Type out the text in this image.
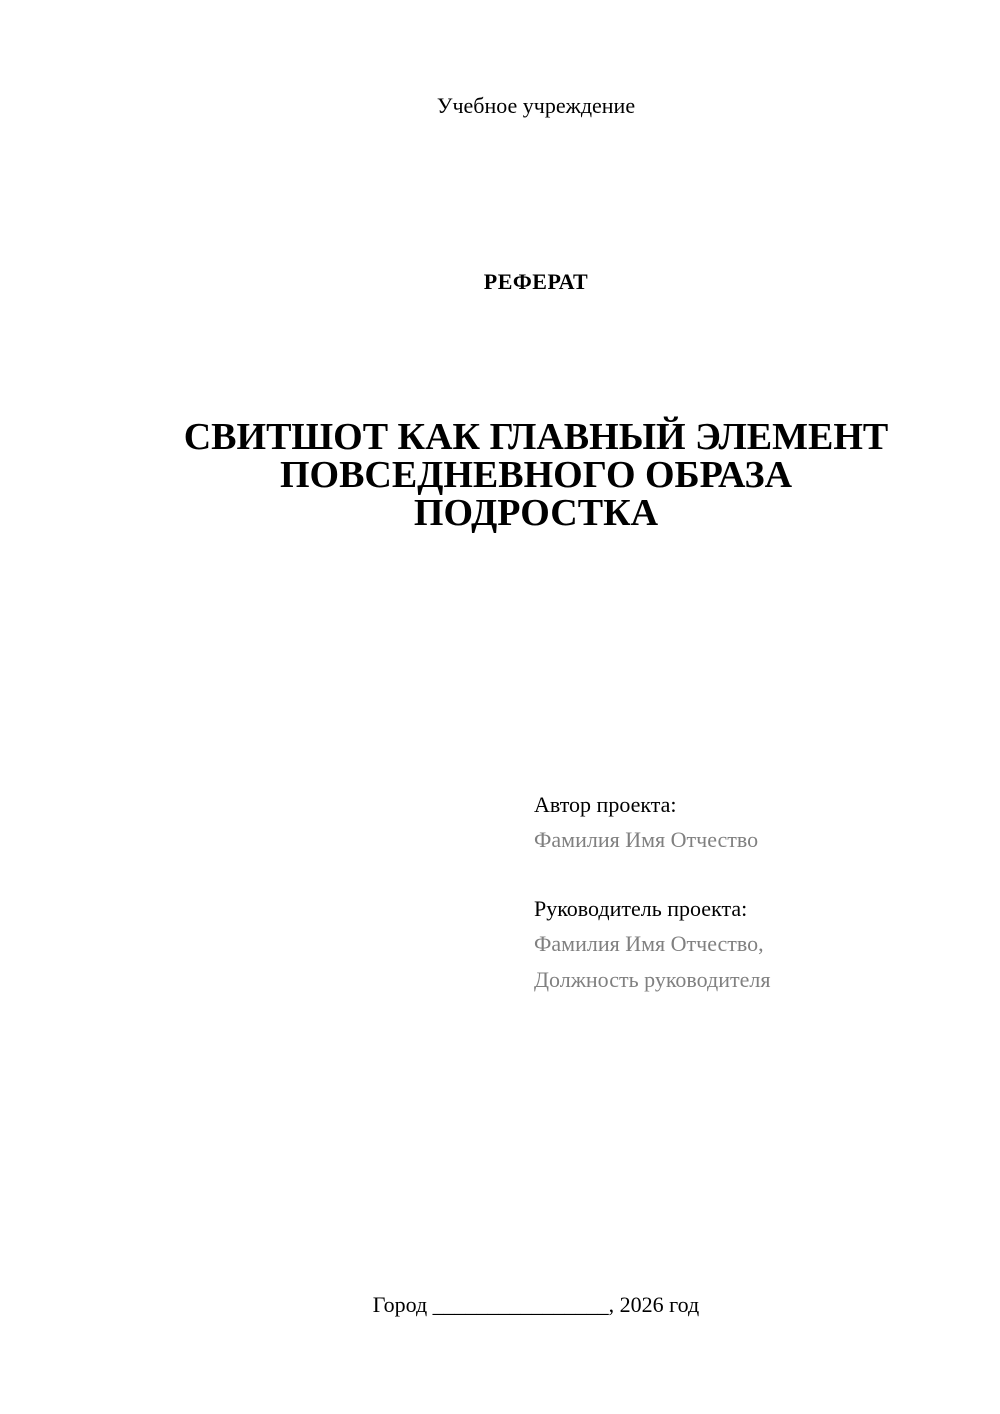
Учебное учреждение
РЕФЕРАТ
СВИТШОТ КАК ГЛАВНЫЙ ЭЛЕМЕНТ
ПОВСЕДНЕВНОГО ОБРАЗА
ПОДРОСТКА
Автор проекта:
Фамилия Имя Отчество
Руководитель проекта:
Фамилия Имя Отчество,
Должность руководителя
Город ________________, 2026 год
